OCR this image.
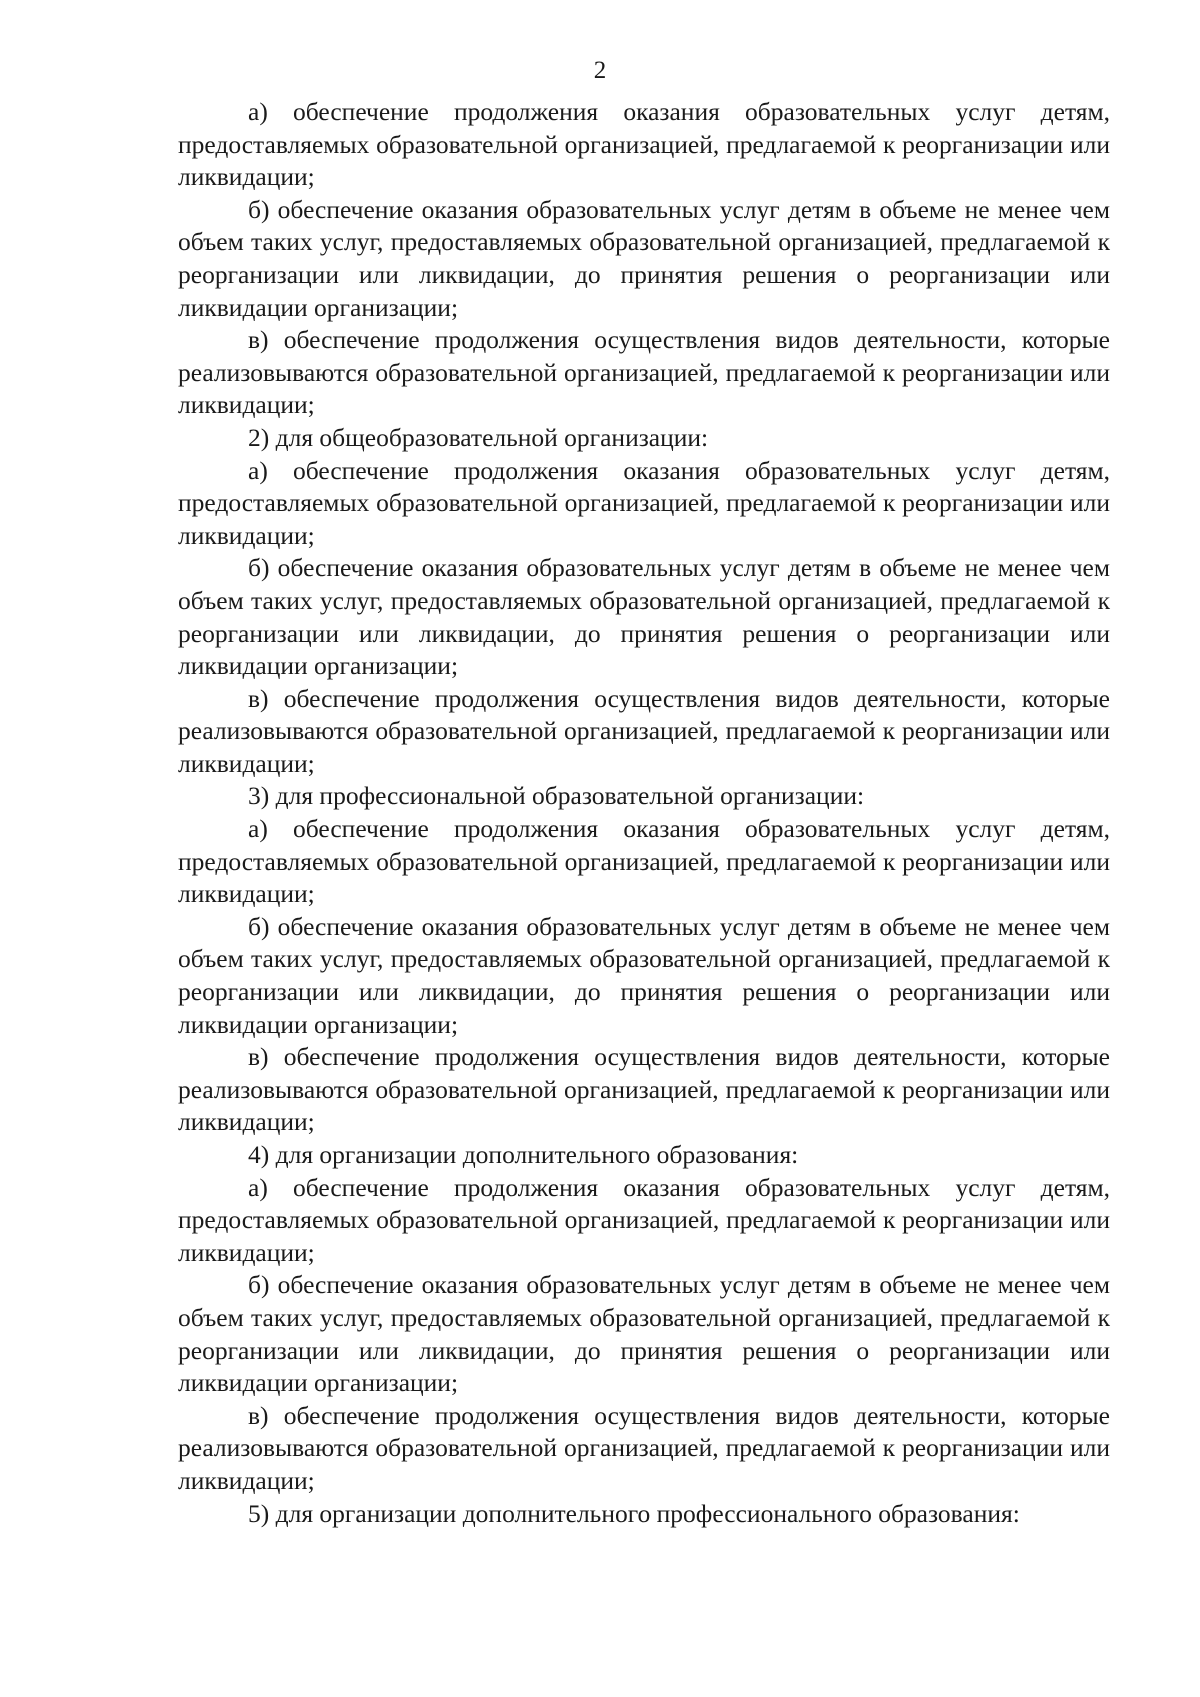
2

а) обеспечение продолжения оказания образовательных услуг детям, предоставляемых образовательной организацией, предлагаемой к реорганизации или ликвидации;

б) обеспечение оказания образовательных услуг детям в объеме не менее чем объем таких услуг, предоставляемых образовательной организацией, предлагаемой к реорганизации или ликвидации, до принятия решения о реорганизации или ликвидации организации;

в) обеспечение продолжения осуществления видов деятельности, которые реализовываются образовательной организацией, предлагаемой к реорганизации или ликвидации;

2) для общеобразовательной организации:

а) обеспечение продолжения оказания образовательных услуг детям, предоставляемых образовательной организацией, предлагаемой к реорганизации или ликвидации;

б) обеспечение оказания образовательных услуг детям в объеме не менее чем объем таких услуг, предоставляемых образовательной организацией, предлагаемой к реорганизации или ликвидации, до принятия решения о реорганизации или ликвидации организации;

в) обеспечение продолжения осуществления видов деятельности, которые реализовываются образовательной организацией, предлагаемой к реорганизации или ликвидации;

3) для профессиональной образовательной организации:

а) обеспечение продолжения оказания образовательных услуг детям, предоставляемых образовательной организацией, предлагаемой к реорганизации или ликвидации;

б) обеспечение оказания образовательных услуг детям в объеме не менее чем объем таких услуг, предоставляемых образовательной организацией, предлагаемой к реорганизации или ликвидации, до принятия решения о реорганизации или ликвидации организации;

в) обеспечение продолжения осуществления видов деятельности, которые реализовываются образовательной организацией, предлагаемой к реорганизации или ликвидации;

4) для организации дополнительного образования:

а) обеспечение продолжения оказания образовательных услуг детям, предоставляемых образовательной организацией, предлагаемой к реорганизации или ликвидации;

б) обеспечение оказания образовательных услуг детям в объеме не менее чем объем таких услуг, предоставляемых образовательной организацией, предлагаемой к реорганизации или ликвидации, до принятия решения о реорганизации или ликвидации организации;

в) обеспечение продолжения осуществления видов деятельности, которые реализовываются образовательной организацией, предлагаемой к реорганизации или ликвидации;

5) для организации дополнительного профессионального образования:
